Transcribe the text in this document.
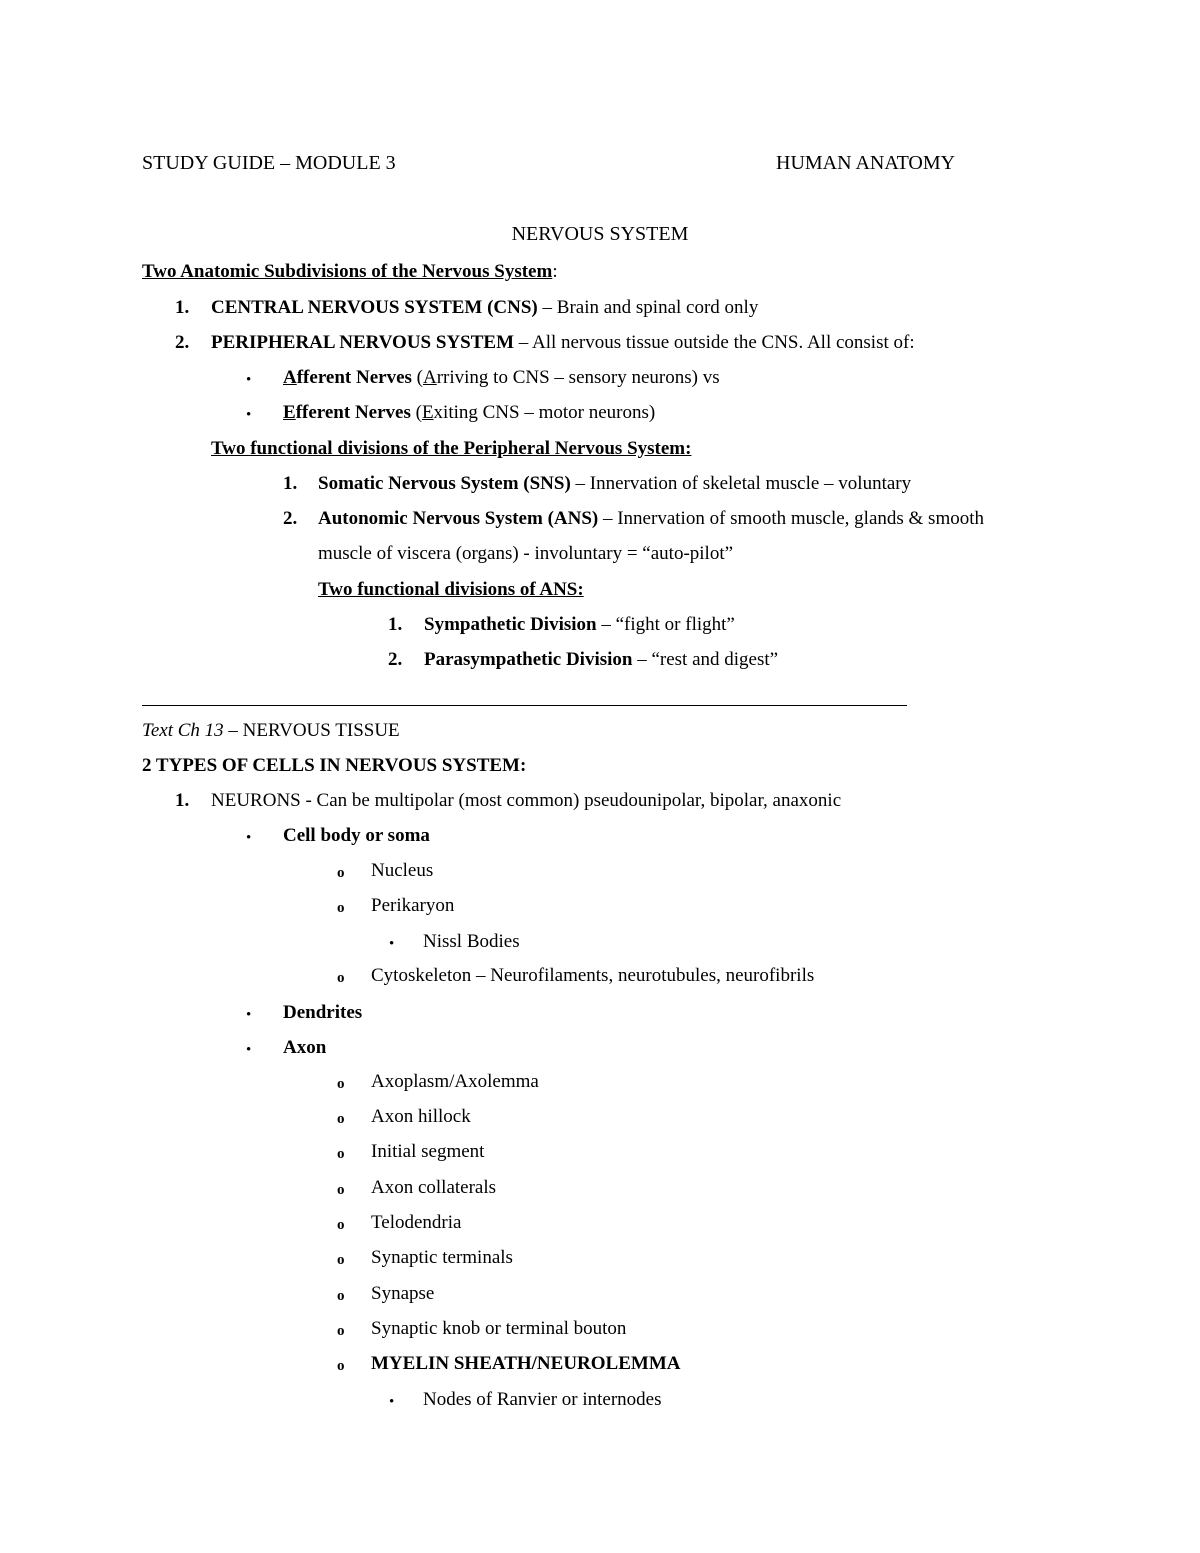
STUDY GUIDE – MODULE 3	HUMAN ANATOMY
NERVOUS SYSTEM
Two Anatomic Subdivisions of the Nervous System:
1. CENTRAL NERVOUS SYSTEM (CNS) – Brain and spinal cord only
2. PERIPHERAL NERVOUS SYSTEM – All nervous tissue outside the CNS. All consist of:
• Afferent Nerves (Arriving to CNS – sensory neurons) vs
• Efferent Nerves (Exiting CNS – motor neurons)
Two functional divisions of the Peripheral Nervous System:
1. Somatic Nervous System (SNS) – Innervation of skeletal muscle – voluntary
2. Autonomic Nervous System (ANS) – Innervation of smooth muscle, glands & smooth
muscle of viscera (organs) - involuntary = “auto-pilot”
Two functional divisions of ANS:
1. Sympathetic Division – “fight or flight”
2. Parasympathetic Division – “rest and digest”
Text Ch 13 – NERVOUS TISSUE
2 TYPES OF CELLS IN NERVOUS SYSTEM:
1. NEURONS - Can be multipolar (most common) pseudounipolar, bipolar, anaxonic
• Cell body or soma
o Nucleus
o Perikaryon
• Nissl Bodies
o Cytoskeleton – Neurofilaments, neurotubules, neurofibrils
• Dendrites
• Axon
o Axoplasm/Axolemma
o Axon hillock
o Initial segment
o Axon collaterals
o Telodendria
o Synaptic terminals
o Synapse
o Synaptic knob or terminal bouton
o MYELIN SHEATH/NEUROLEMMA
• Nodes of Ranvier or internodes
